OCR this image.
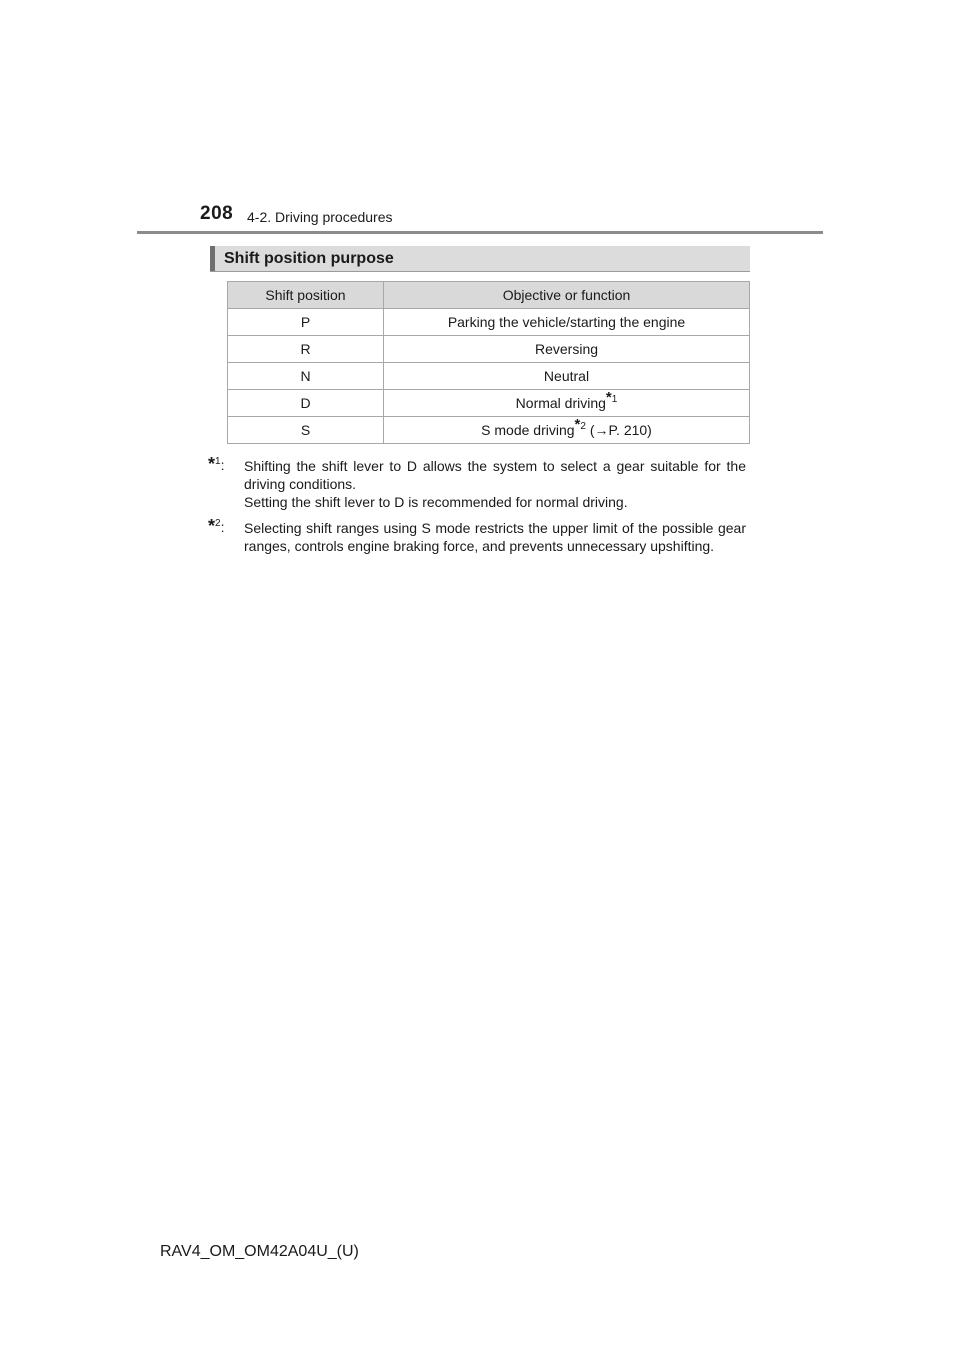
208 4-2. Driving procedures
Shift position purpose
Shift position	Objective or function
P	Parking the vehicle/starting the engine
R	Reversing
N	Neutral
D	Normal driving$^{*1}$
S	S mode driving$^{*2}$ (→P. 210)
*$^1$: Shifting the shift lever to D allows the system to select a gear suitable for the driving conditions.

Setting the shift lever to D is recommended for normal driving.

*$^2$: Selecting shift ranges using S mode restricts the upper limit of the possible gear ranges, controls engine braking force, and prevents unnecessary upshifting.

RAV4_OM_OM42A04U_(U)
